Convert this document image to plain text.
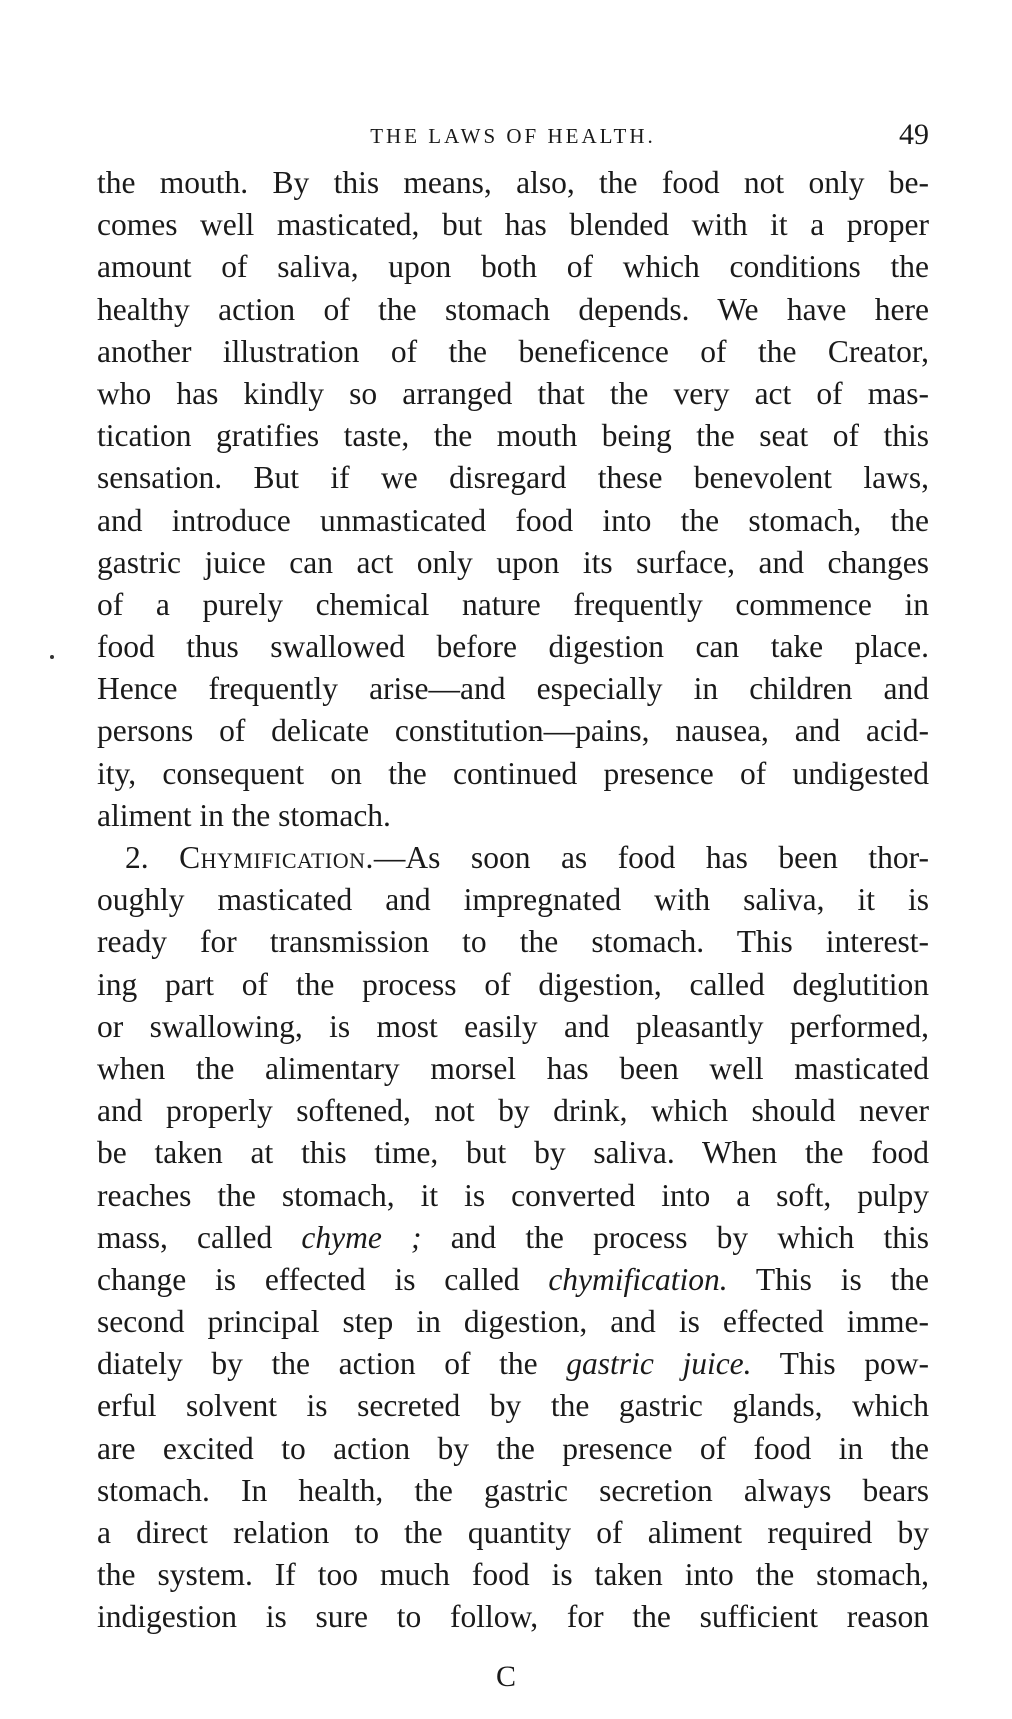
THE LAWS OF HEALTH.	49
the mouth. By this means, also, the food not only be-
comes well masticated, but has blended with it a proper
amount of saliva, upon both of which conditions the
healthy action of the stomach depends. We have here
another illustration of the beneficence of the Creator,
who has kindly so arranged that the very act of mas-
tication gratifies taste, the mouth being the seat of this
sensation. But if we disregard these benevolent laws,
and introduce unmasticated food into the stomach, the
gastric juice can act only upon its surface, and changes
of a purely chemical nature frequently commence in
food thus swallowed before digestion can take place.
Hence frequently arise—and especially in children and
persons of delicate constitution—pains, nausea, and acid-
ity, consequent on the continued presence of undigested
aliment in the stomach.
2. Chymification.—As soon as food has been thor-
oughly masticated and impregnated with saliva, it is
ready for transmission to the stomach. This interest-
ing part of the process of digestion, called deglutition
or swallowing, is most easily and pleasantly performed,
when the alimentary morsel has been well masticated
and properly softened, not by drink, which should never
be taken at this time, but by saliva. When the food
reaches the stomach, it is converted into a soft, pulpy
mass, called chyme ; and the process by which this
change is effected is called chymification. This is the
second principal step in digestion, and is effected imme-
diately by the action of the gastric juice. This pow-
erful solvent is secreted by the gastric glands, which
are excited to action by the presence of food in the
stomach. In health, the gastric secretion always bears
a direct relation to the quantity of aliment required by
the system. If too much food is taken into the stomach,
indigestion is sure to follow, for the sufficient reason
C
